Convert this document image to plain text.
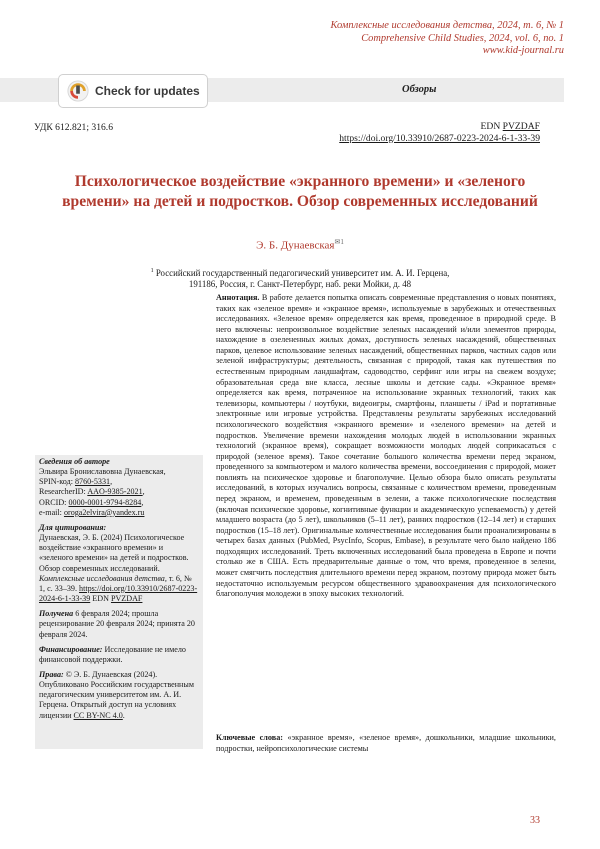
Комплексные исследования детства, 2024, т. 6, № 1
Comprehensive Child Studies, 2024, vol. 6, no. 1
www.kid-journal.ru
Обзоры
Check for updates
УДК 612.821; 316.6	EDN PVZDAF
https://doi.org/10.33910/2687-0223-2024-6-1-33-39
Психологическое воздействие «экранного времени» и «зеленого времени» на детей и подростков. Обзор современных исследований
Э. Б. Дунаевская$^{✉1}$
$^1$ Российский государственный педагогический университет им. А. И. Герцена,
191186, Россия, г. Санкт-Петербург, наб. реки Мойки, д. 48
Аннотация. В работе делается попытка описать современные представления о новых понятиях, таких как «зеленое время» и «экранное время», используемые в зарубежных и отечественных исследованиях. «Зеленое время» определяется как время, проведенное в природной среде. В него включены: непроизвольное воздействие зеленых насаждений и/или элементов природы, нахождение в озелененных жилых домах, доступность зеленых насаждений, общественных парков, целевое использование зеленых насаждений, общественных парков, частных садов или зеленой инфраструктуры; деятельность, связанная с природой, такая как путешествия по естественным природным ландшафтам, садоводство, серфинг или игры на свежем воздухе; образовательная среда вне класса, лесные школы и детские сады. «Экранное время» определяется как время, потраченное на использование экранных технологий, таких как телевизоры, компьютеры / ноутбуки, видеоигры, смартфоны, планшеты / iPad и портативные электронные или игровые устройства. Представлены результаты зарубежных исследований психологического воздействия «экранного времени» и «зеленого времени» на детей и подростков. Увеличение времени нахождения молодых людей в использовании экранных технологий (экранное время), сокращает возможности молодых людей соприкасаться с природой (зеленое время). Такое сочетание большого количества времени перед экраном, проведенного за компьютером и малого количества времени, воссоединения с природой, может повлиять на психическое здоровье и благополучие. Целью обзора было описать результаты исследований, в которых изучались вопросы, связанные с количеством времени, проведенным перед экраном, и временем, проведенным в зелени, а также психологические последствия (включая психическое здоровье, когнитивные функции и академическую успеваемость) у детей младшего возраста (до 5 лет), школьников (5–11 лет), ранних подростков (12–14 лет) и старших подростков (15–18 лет). Оригинальные количественные исследования были проанализированы в четырех базах данных (PubMed, PsycInfo, Scopus, Embase), в результате чего было найдено 186 подходящих исследований. Треть включенных исследований была проведена в Европе и почти столько же в США. Есть предварительные данные о том, что время, проведенное в зелени, может смягчить последствия длительного времени перед экраном, поэтому природа может быть недостаточно используемым ресурсом общественного здравоохранения для психологического благополучия молодежи в эпоху высоких технологий.
Ключевые слова: «экранное время», «зеленое время», дошкольники, младшие школьники, подростки, нейропсихологические системы
Сведения об авторе
Эльвира Брониславовна Дунаевская,
SPIN-код: 8760-5331,
ResearcherID: AAO-9385-2021,
ORCID: 0000-0001-9794-8284,
e-mail: oroga2elvira@yandex.ru
Для цитирования:
Дунаевская, Э. Б. (2024) Психологическое воздействие «экранного времени» и «зеленого времени» на детей и подростков. Обзор современных исследований. Комплексные исследования детства, т. 6, № 1, с. 33–39. https://doi.org/10.33910/2687-0223-2024-6-1-33-39 EDN PVZDAF
Получена 6 февраля 2024; прошла рецензирование 20 февраля 2024; принята 20 февраля 2024.
Финансирование: Исследование не имело финансовой поддержки.
Права: © Э. Б. Дунаевская (2024). Опубликовано Российским государственным педагогическим университетом им. А. И. Герцена. Открытый доступ на условиях лицензии CC BY-NC 4.0.
33
